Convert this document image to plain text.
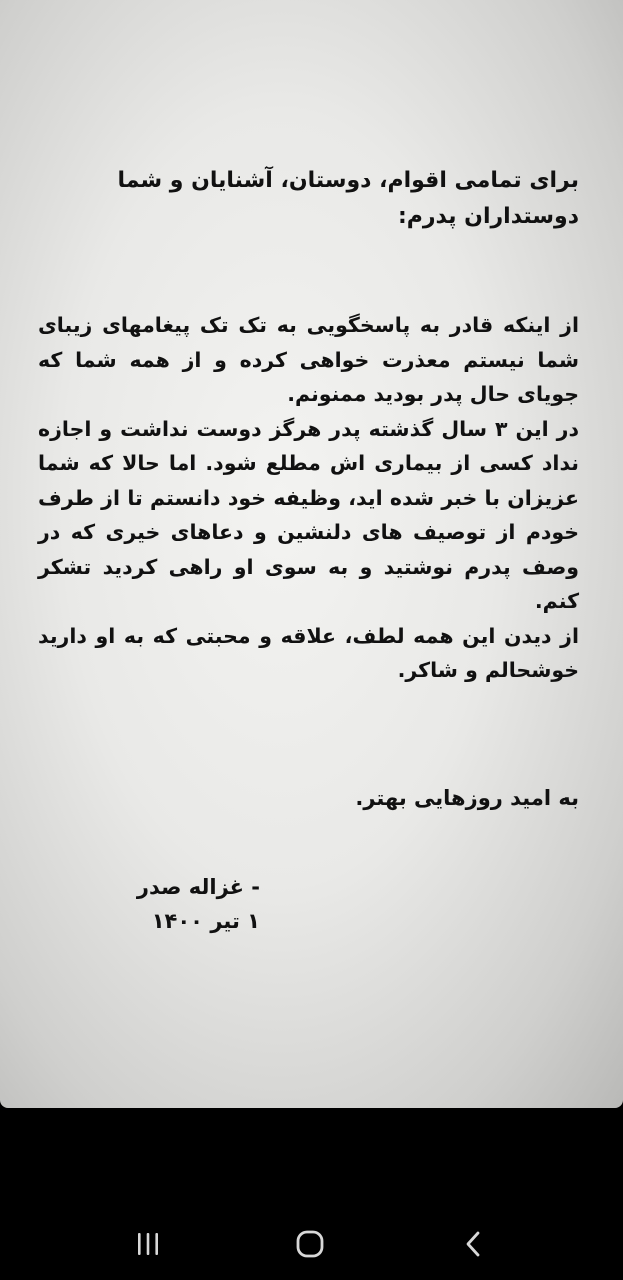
برای تمامی اقوام، دوستان، آشنایان و شما دوستداران پدرم:

از اینکه قادر به پاسخگویی به تک تک پیغامهای زیبای شما نیستم معذرت خواهی کرده و از همه شما که جویای حال پدر بودید ممنونم.
در این ۳ سال گذشته پدر هرگز دوست نداشت و اجازه نداد کسی از بیماری اش مطلع شود. اما حالا که شما عزیزان با خبر شده اید، وظیفه خود دانستم تا از طرف خودم از توصیف های دلنشین و دعاهای خیری که در وصف پدرم نوشتید و به سوی او راهی کردید تشکر کنم.
از دیدن این همه لطف، علاقه و محبتی که به او دارید خوشحالم و شاکر.

به امید روزهایی بهتر.

- غزاله صدر
۱ تیر ۱۴۰۰
